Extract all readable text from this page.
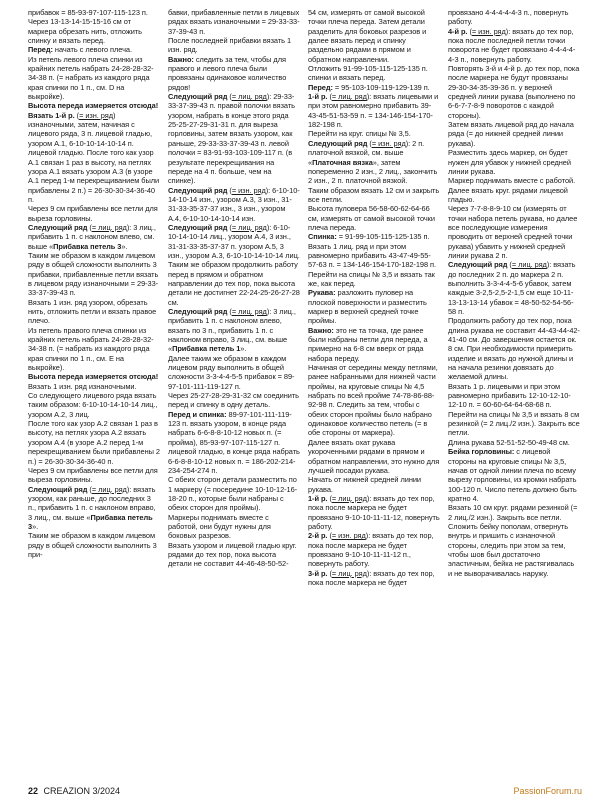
прибавок = 85-93-97-107-115-123 п.

Через 13-13-14-15-15-16 см от маркера обрезать нить, отложить спинку и вязать перед.

Перед: начать с левого плеча.

Из петель левого плеча спинки из крайних петель набрать 24-28-28-32-34-38 п. (= набрать из каждого ряда края спинки по 1 п., см. D на выкройке).

Высота переда измеряется отсюда!

Вязать 1-й р. (= изн. ряд) изнаночными, затем, начиная с лицевого ряда, 3 п. лицевой гладью, узором А.1, 6-10-10-14-10-14 п. лицевой гладью. После того как узор А.1 связан 1 раз в высоту, на петлях узора А.1 вязать узором А.3 (в узоре А.1 перед 1-м перекрещиванием были прибавлены 2 п.) = 26-30-30-34-36-40 п.

Через 9 см прибавлены все петли для выреза горловины.

Следующий ряд (= лиц. ряд): 3 лиц., прибавить 1 п. с наклоном влево, см. выше «Прибавка петель 3».

Таким же образом в каждом лицевом ряду в общей сложности выполнить 3 прибавки, прибавленные петли вязать в лицевом ряду изнаночными = 29-33-33-37-39-43 п.

Вязать 1 изн. ряд узором, обрезать нить, отложить петли и вязать правое плечо.

Из петель правого плеча спинки из крайних петель набрать 24-28-28-32-34-38 п. (= набрать из каждого ряда края спинки по 1 п., см. E на выкройке).

Высота переда измеряется отсюда!

Вязать 1 изн. ряд изнаночными.

Со следующего лицевого ряда вязать таким образом: 6-10-10-14-10-14 лиц., узором А.2, 3 лиц.

После того как узор А.2 связан 1 раз в высоту, на петлях узора А.2 вязать узором А.4 (в узоре А.2 перед 1-м перекрещиванием были прибавлены 2 п.) = 26-30-30-34-36-40 п.

Через 9 см прибавлены все петли для выреза горловины.

Следующий ряд (= лиц. ряд): вязать узором, как раньше, до последних 3 п., прибавить 1 п. с наклоном вправо, 3 лиц., см. выше «Прибавка петель 3».

Таким же образом в каждом лицевом ряду в общей сложности выполнить 3 при-

бавки, прибавленные петли в лицевых рядах вязать изнаночными = 29-33-33-37-39-43 п.

После последней прибавки вязать 1 изн. ряд.

Важно: следить за тем, чтобы для правого и левого плеча были провязаны одинаковое количество рядов!

Следующий ряд (= лиц. ряд): 29-33-33-37-39-43 п. правой полочки вязать узором, набрать в конце этого ряда 25-25-27-29-31-31 п. для выреза горловины, затем вязать узором, как раньше, 29-33-33-37-39-43 п. левой полочки = 83-91-93-103-109-117 п. (в результате перекрещивания на переде на 4 п. больше, чем на спинке).

Следующий ряд (= изн. ряд): 6-10-10-14-10-14 изн., узором А.3, 3 изн., 31-31-33-35-37-37 изн., 3 изн., узором А.4, 6-10-10-14-10-14 изн.

Следующий ряд (= лиц. ряд): 6-10-10-14-10-14 лиц., узором А.4, 3 изн., 31-31-33-35-37-37 п. узором А.5, 3 изн., узором А.3, 6-10-10-14-10-14 лиц.

Таким же образом продолжить работу перед в прямом и обратном направлении до тех пор, пока высота детали не достигнет 22-24-25-26-27-28 см.

Следующий ряд (= лиц. ряд): 3 лиц., прибавить 1 п. с наклоном влево, вязать по 3 п., прибавить 1 п. с наклоном вправо, 3 лиц., см. выше «Прибавка петель 1».

Далее таким же образом в каждом лицевом ряду выполнить в общей сложности 3-3-4-4-5-5 прибавок = 89-97-101-111-119-127 п.

Через 25-27-28-29-31-32 см соединить перед и спинку в одну деталь.

Перед и спинка: 89-97-101-111-119-123 п. вязать узором, в конце ряда набрать 6-6-8-8-10-12 новых п. (= пройма), 85-93-97-107-115-127 п. лицевой гладью, в конце ряда набрать 6-6-8-8-10-12 новых п. = 186-202-214-234-254-274 п.

С обеих сторон детали разместить по 1 маркеру (= посередине 10-10-12-16-18-20 п., которые были набраны с обеих сторон для проймы).

Маркеры поднимать вместе с работой, они будут нужны для боковых разрезов.

Вязать узором и лицевой гладью круг. рядами до тех пор, пока высота детали не составит 44-46-48-50-52-

54 см, измерять от самой высокой точки плеча переда. Затем детали разделить для боковых разрезов и далее вязать перед и спинку раздельно рядами в прямом и обратном направлении.

Отложить 91-99-105-115-125-135 п. спинки и вязать перед.

Перед: = 95-103-109-119-129-139 п.

1-й р. (= лиц. ряд): вязать лицевыми и при этом равномерно прибавить 39-43-45-51-53-59 п. = 134-146-154-170-182-198 п.

Перейти на круг. спицы № 3,5.

Следующий ряд (= изн. ряд): 2 п. платочной вязкой, см. выше «Платочная вязка», затем попеременно 2 изн., 2 лиц., закончить 2 изн., 2 п. платочной вязкой.

Таким образом вязать 12 см и закрыть все петли.

Высота пуловера 56-58-60-62-64-66 см, измерять от самой высокой точки плеча переда.

Спинка: = 91-99-105-115-125-135 п.

Вязать 1 лиц. ряд и при этом равномерно прибавить 43-47-49-55-57-63 п. = 134-146-154-170-182-198 п.

Перейти на спицы № 3,5 и вязать так же, как перед.

Рукава: разложить пуловер на плоской поверхности и разместить маркер в верхней средней точке проймы.

Важно: это не та точка, где ранее были набраны петли для переда, а примерно на 6-8 см вверх от ряда набора переду.

Начиная от середины между петлями, ранее набранными для нижней части проймы, на круговые спицы № 4,5 набрать по всей пройме 74-78-86-88-92-98 п. Следить за тем, чтобы с обеих сторон проймы было набрано одинаковое количество петель (= в обе стороны от маркера).

Далее вязать охат рукава укороченными рядами в прямом и обратном направлении, это нужно для лучшей посадки рукава.

Начать от нижней средней линии рукава.

1-й р. (= лиц. ряд): вязать до тех пор, пока после маркера не будет провязано 9-10-10-11-11-12, повернуть работу.

2-й р. (= изн. ряд): вязать до тех пор, пока после маркера не будет провязано 9-10-10-11-11-12 п., повернуть работу.

3-й р. (= лиц. ряд): вязать до тех пор, пока после маркера не будет

провязано 4-4-4-4-4-3 п., повернуть работу.

4-й р. (= изн. ряд): вязать до тех пор, пока после последней петли точки поворота не будет провязано 4-4-4-4-4-3 п., повернуть работу.

Повторять 3-й и 4-й р. до тех пор, пока после маркера не будут провязаны 29-30-34-35-39-36 п. у верхней средней линии рукава (выполнено по 6-6-7-7-8-9 поворотов с каждой стороны).

Затем вязать лицевой ряд до начала ряда (= до нижней средней линии рукава).

Разместить здесь маркер, он будет нужен для убавок у нижней средней линии рукава.

Маркер поднимать вместе с работой.

Далее вязать круг. рядами лицевой гладью.

Через 7-7-8-8-9-10 см (измерять от точки набора петель рукава, но далее все последующие измерения проводить от верхней средней точки рукава) убавить у нижней средней линии рукава 2 п.

Следующий ряд (= лиц. ряд): вязать до последних 2 п. до маркера 2 п. выполнить 3-3-4-4-5-6 убавок, затем каждые 3-2,5-2,5-2-1,5 см еще 10-11-13-13-13-14 убавок = 48-50-52-54-56-58 п.

Продолжить работу до тех пор, пока длина рукава не составит 44-43-44-42-41-40 см. До завершения остается ок. 8 см. При необходимости примерить изделие и вязать до нужной длины и на начала резинки довязать до желаемой длины.

Вязать 1 р. лицевыми и при этом равномерно прибавить 12-10-12-10-12-10 п. = 60-60-64-64-68-68 п.

Перейти на спицы № 3,5 и вязать 8 см резинкой (= 2 лиц./2 изн.). Закрыть все петли.

Длина рукава 52-51-52-50-49-48 см.

Бейка горловины: с лицевой стороны на круговые спицы № 3,5, начав от одной линии плеча по всему вырезу горловины, из кромки набрать 100-120 п. Число петель должно быть кратно 4.

Вязать 10 см круг. рядами резинкой (= 2 лиц./2 изн.). Закрыть все петли.

Сложить бейку пополам, отвернуть внутрь и пришить с изнаночной стороны, следить при этом за тем, чтобы шов был достаточно эластичным, бейка не растягивалась и не выворачивалась наружу.

22 CREAZION 3/2024	PassionForum.ru
